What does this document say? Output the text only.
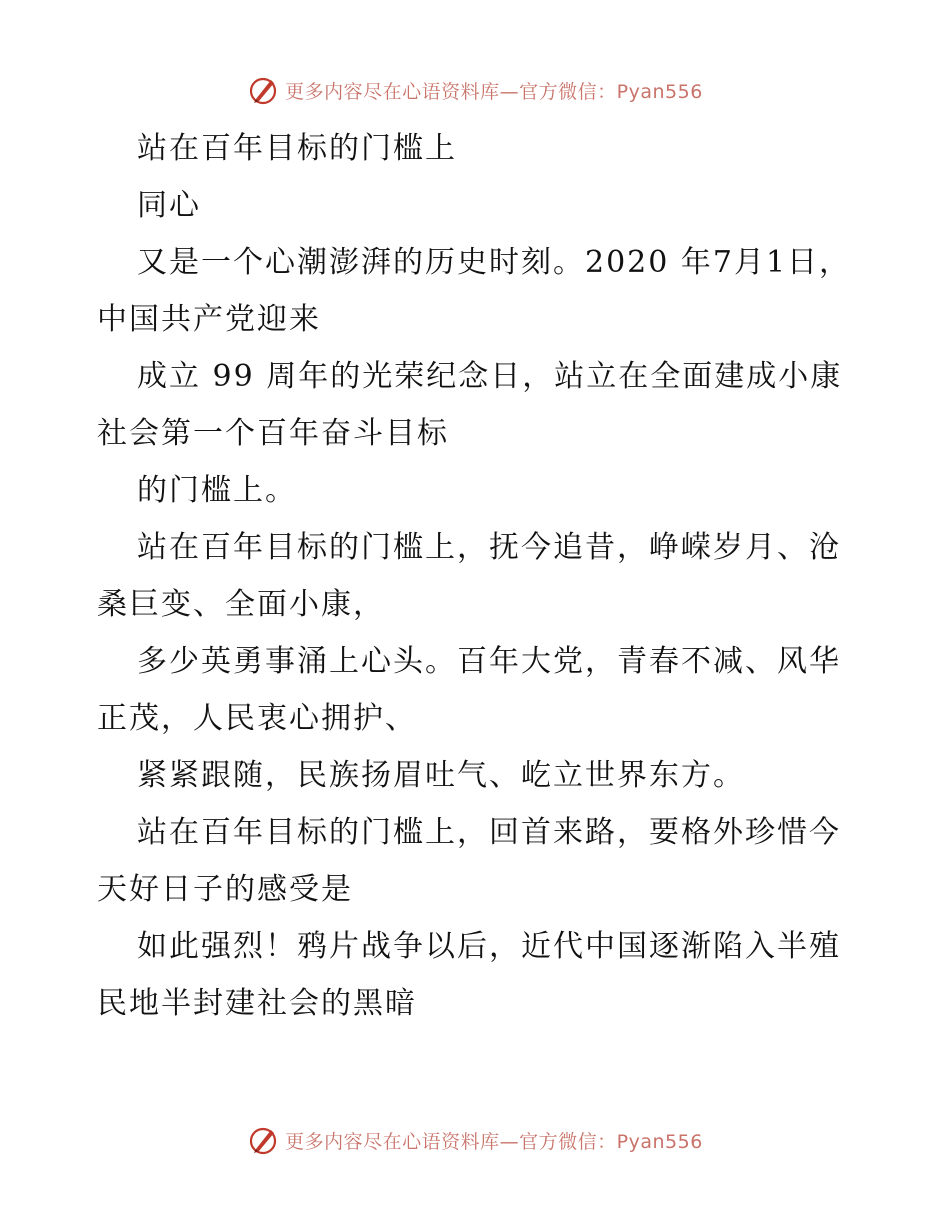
更多内容尽在心语资料库—官方微信：Pyan556

站在百年目标的门槛上

同心

又是一个心潮澎湃的历史时刻。2020 年7月1日，中国共产党迎来

成立 99 周年的光荣纪念日，站立在全面建成小康社会第一个百年奋斗目标

的门槛上。

站在百年目标的门槛上，抚今追昔，峥嵘岁月、沧桑巨变、全面小康，

多少英勇事涌上心头。百年大党，青春不减、风华正茂，人民衷心拥护、

紧紧跟随，民族扬眉吐气、屹立世界东方。

站在百年目标的门槛上，回首来路，要格外珍惜今天好日子的感受是

如此强烈！鸦片战争以后，近代中国逐渐陷入半殖民地半封建社会的黑暗

更多内容尽在心语资料库—官方微信：Pyan556
